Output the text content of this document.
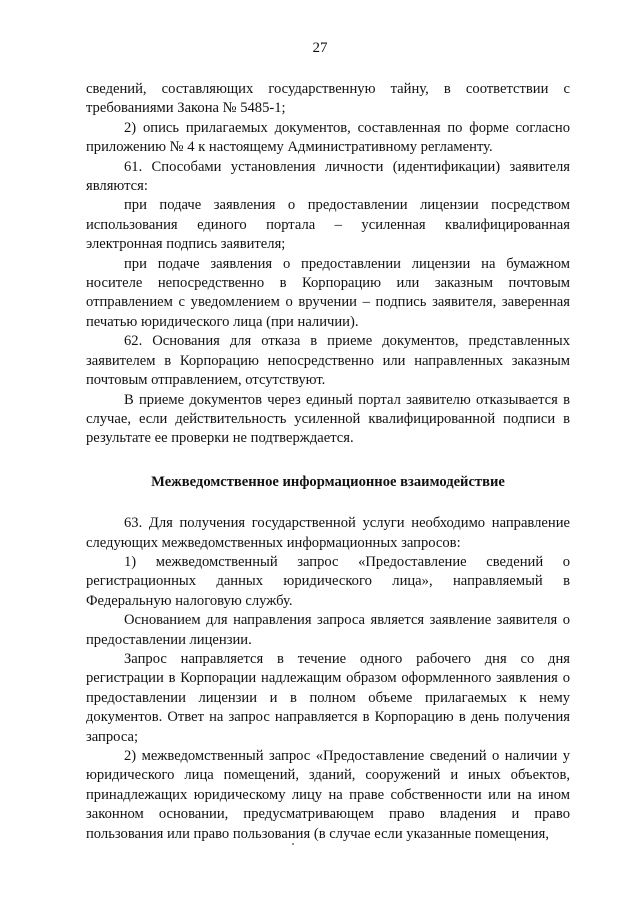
27

сведений, составляющих государственную тайну, в соответствии с требованиями Закона № 5485-1;

2) опись прилагаемых документов, составленная по форме согласно приложению № 4 к настоящему Административному регламенту.

61. Способами установления личности (идентификации) заявителя являются:

при подаче заявления о предоставлении лицензии посредством использования единого портала – усиленная квалифицированная электронная подпись заявителя;

при подаче заявления о предоставлении лицензии на бумажном носителе непосредственно в Корпорацию или заказным почтовым отправлением с уведомлением о вручении – подпись заявителя, заверенная печатью юридического лица (при наличии).

62. Основания для отказа в приеме документов, представленных заявителем в Корпорацию непосредственно или направленных заказным почтовым отправлением, отсутствуют.

В приеме документов через единый портал заявителю отказывается в случае, если действительность усиленной квалифицированной подписи в результате ее проверки не подтверждается.

Межведомственное информационное взаимодействие

63. Для получения государственной услуги необходимо направление следующих межведомственных информационных запросов:

1) межведомственный запрос «Предоставление сведений о регистрационных данных юридического лица», направляемый в Федеральную налоговую службу.

Основанием для направления запроса является заявление заявителя о предоставлении лицензии.

Запрос направляется в течение одного рабочего дня со дня регистрации в Корпорации надлежащим образом оформленного заявления о предоставлении лицензии и в полном объеме прилагаемых к нему документов. Ответ на запрос направляется в Корпорацию в день получения запроса;

2) межведомственный запрос «Предоставление сведений о наличии у юридического лица помещений, зданий, сооружений и иных объектов, принадлежащих юридическому лицу на праве собственности или на ином законном основании, предусматривающем право владения и право пользования или право пользования (в случае если указанные помещения,
